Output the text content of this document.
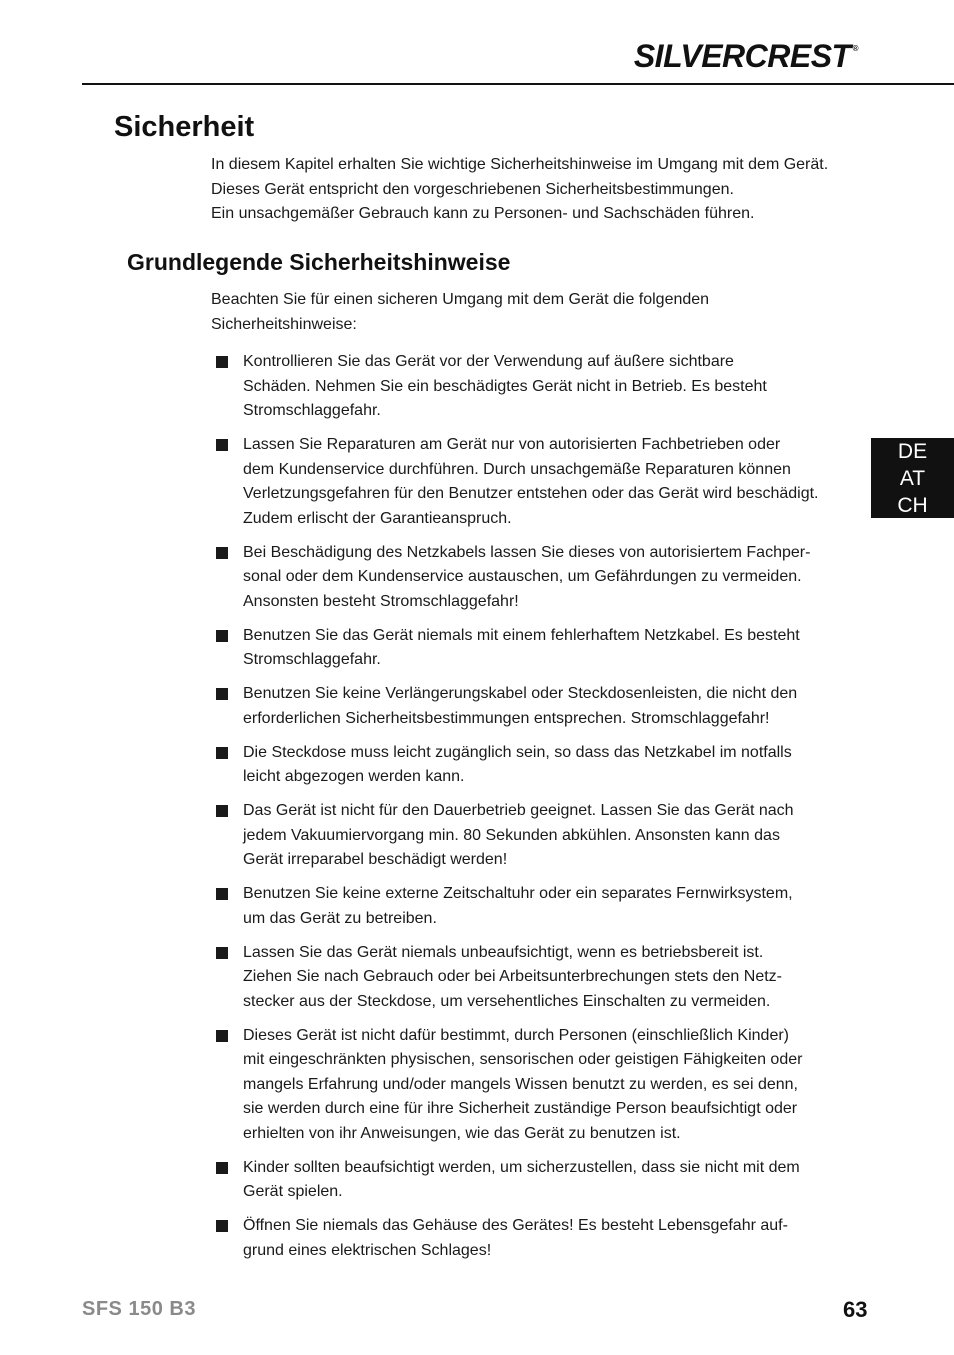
SILVERCREST ®
Sicherheit

In diesem Kapitel erhalten Sie wichtige Sicherheitshinweise im Umgang mit dem Gerät.

Dieses Gerät entspricht den vorgeschriebenen Sicherheitsbestimmungen.

Ein unsachgemäßer Gebrauch kann zu Personen- und Sachschäden führen.

Grundlegende Sicherheitshinweise

Beachten Sie für einen sicheren Umgang mit dem Gerät die folgenden

Sicherheitshinweise:

Kontrollieren Sie das Gerät vor der Verwendung auf äußere sichtbare
Schäden. Nehmen Sie ein beschädigtes Gerät nicht in Betrieb. Es besteht
Stromschlaggefahr.
Lassen Sie Reparaturen am Gerät nur von autorisierten Fachbetrieben oder
dem Kundenservice durchführen. Durch unsachgemäße Reparaturen können
Verletzungsgefahren für den Benutzer entstehen oder das Gerät wird beschädigt.
Zudem erlischt der Garantieanspruch.
Bei Beschädigung des Netzkabels lassen Sie dieses von autorisiertem Fachper-
sonal oder dem Kundenservice austauschen, um Gefährdungen zu vermeiden.
Ansonsten besteht Stromschlaggefahr!
Benutzen Sie das Gerät niemals mit einem fehlerhaftem Netzkabel. Es besteht
Stromschlaggefahr.
Benutzen Sie keine Verlängerungskabel oder Steckdosenleisten, die nicht den
erforderlichen Sicherheitsbestimmungen entsprechen. Stromschlaggefahr!
Die Steckdose muss leicht zugänglich sein, so dass das Netzkabel im notfalls
leicht abgezogen werden kann.
Das Gerät ist nicht für den Dauerbetrieb geeignet. Lassen Sie das Gerät nach
jedem Vakuumiervorgang min. 80 Sekunden abkühlen. Ansonsten kann das
Gerät irreparabel beschädigt werden!
Benutzen Sie keine externe Zeitschaltuhr oder ein separates Fernwirksystem,
um das Gerät zu betreiben.
Lassen Sie das Gerät niemals unbeaufsichtigt, wenn es betriebsbereit ist.
Ziehen Sie nach Gebrauch oder bei Arbeitsunterbrechungen stets den Netz-
stecker aus der Steckdose, um versehentliches Einschalten zu vermeiden.
Dieses Gerät ist nicht dafür bestimmt, durch Personen (einschließlich Kinder)
mit eingeschränkten physischen, sensorischen oder geistigen Fähigkeiten oder
mangels Erfahrung und/oder mangels Wissen benutzt zu werden, es sei denn,
sie werden durch eine für ihre Sicherheit zuständige Person beaufsichtigt oder
erhielten von ihr Anweisungen, wie das Gerät zu benutzen ist.
Kinder sollten beaufsichtigt werden, um sicherzustellen, dass sie nicht mit dem
Gerät spielen.
Öffnen Sie niemals das Gehäuse des Gerätes! Es besteht Lebensgefahr auf-
grund eines elektrischen Schlages!
DE
AT
CH
SFS 150 B3	63
